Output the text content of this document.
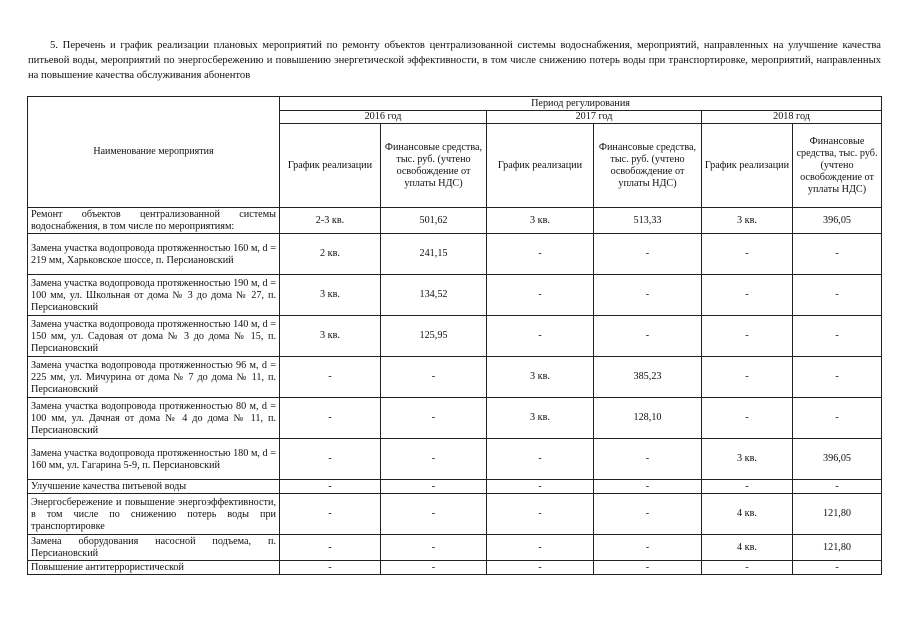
5. Перечень и график реализации плановых мероприятий по ремонту объектов централизованной системы водоснабжения, мероприятий, направленных на улучшение качества питьевой воды, мероприятий по энергосбережению и повышению энергетической эффективности, в том числе снижению потерь воды при транспортировке, мероприятий, направленных на повышение качества обслуживания абонентов
Наименование мероприятия	Период регулирования					
	2016 год		2017 год		2018 год	
	График реализации	Финансовые средства, тыс. руб. (учтено освобождение от уплаты НДС)	График реализации	Финансовые средства, тыс. руб. (учтено освобождение от уплаты НДС)	График реализации	Финансовые средства, тыс. руб. (учтено освобождение от уплаты НДС)
Ремонт объектов централизованной системы водоснабжения, в том числе по мероприятиям:	2-3 кв.	501,62	3 кв.	513,33	3 кв.	396,05
Замена участка водопровода протяженностью 160 м, d = 219 мм, Харьковское шоссе, п. Персиановский	2 кв.	241,15	-	-	-	-
Замена участка водопровода протяженностью 190 м, d = 100 мм, ул. Школьная от дома № 3 до дома № 27, п. Персиановский	3 кв.	134,52	-	-	-	-
Замена участка водопровода протяженностью 140 м, d = 150 мм, ул. Садовая от дома № 3 до дома № 15, п. Персиановский	3 кв.	125,95	-	-	-	-
Замена участка водопровода протяженностью 96 м, d = 225 мм, ул. Мичурина от дома № 7 до дома № 11, п. Персиановский	-	-	3 кв.	385,23	-	-
Замена участка водопровода протяженностью 80 м, d = 100 мм, ул. Дачная от дома № 4 до дома № 11, п. Персиановский	-	-	3 кв.	128,10	-	-
Замена участка водопровода протяженностью 180 м, d = 160 мм, ул. Гагарина 5-9, п. Персиановский	-	-	-	-	3 кв.	396,05
Улучшение качества питьевой воды	-	-	-	-	-	-
Энергосбережение и повышение энергоэффективности, в том числе по снижению потерь воды при транспортировке	-	-	-	-	4 кв.	121,80
Замена оборудования насосной подъема, п. Персиановский	-	-	-	-	4 кв.	121,80
Повышение антитеррористической	-	-	-	-	-	-
